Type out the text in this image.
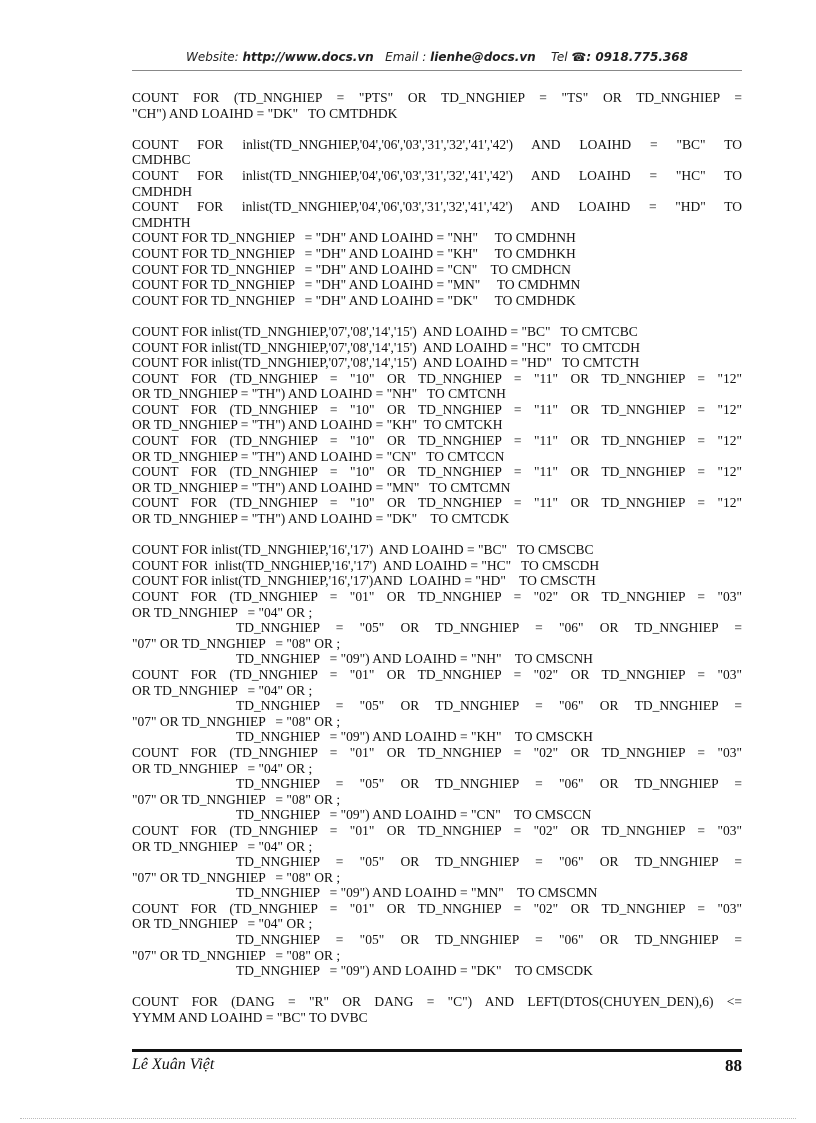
Website: http://www.docs.vn Email : lienhe@docs.vn Tel ☎: 0918.775.368
COUNT FOR (TD_NNGHIEP = "PTS" OR TD_NNGHIEP = "TS" OR TD_NNGHIEP =
"CH") AND LOAIHD = "DK"   TO CMTDHDK
COUNT FOR inlist(TD_NNGHIEP,'04','06','03','31','32','41','42') AND LOAIHD = "BC" TO
CMDHBC
COUNT FOR inlist(TD_NNGHIEP,'04','06','03','31','32','41','42') AND LOAIHD = "HC" TO
CMDHDH
COUNT FOR inlist(TD_NNGHIEP,'04','06','03','31','32','41','42') AND LOAIHD = "HD" TO
CMDHTH
COUNT FOR TD_NNGHIEP   = "DH" AND LOAIHD = "NH"     TO CMDHNH
COUNT FOR TD_NNGHIEP   = "DH" AND LOAIHD = "KH"     TO CMDHKH
COUNT FOR TD_NNGHIEP   = "DH" AND LOAIHD = "CN"    TO CMDHCN
COUNT FOR TD_NNGHIEP   = "DH" AND LOAIHD = "MN"     TO CMDHMN
COUNT FOR TD_NNGHIEP   = "DH" AND LOAIHD = "DK"     TO CMDHDK
COUNT FOR inlist(TD_NNGHIEP,'07','08','14','15')  AND LOAIHD = "BC"   TO CMTCBC
COUNT FOR inlist(TD_NNGHIEP,'07','08','14','15')  AND LOAIHD = "HC"   TO CMTCDH
COUNT FOR inlist(TD_NNGHIEP,'07','08','14','15')  AND LOAIHD = "HD"   TO CMTCTH
COUNT FOR (TD_NNGHIEP = "10" OR TD_NNGHIEP = "11" OR TD_NNGHIEP = "12"
OR TD_NNGHIEP = "TH") AND LOAIHD = "NH"   TO CMTCNH
COUNT FOR (TD_NNGHIEP = "10" OR TD_NNGHIEP = "11" OR TD_NNGHIEP = "12"
OR TD_NNGHIEP = "TH") AND LOAIHD = "KH"  TO CMTCKH
COUNT FOR (TD_NNGHIEP = "10" OR TD_NNGHIEP = "11" OR TD_NNGHIEP = "12"
OR TD_NNGHIEP = "TH") AND LOAIHD = "CN"   TO CMTCCN
COUNT FOR (TD_NNGHIEP = "10" OR TD_NNGHIEP = "11" OR TD_NNGHIEP = "12"
OR TD_NNGHIEP = "TH") AND LOAIHD = "MN"   TO CMTCMN
COUNT FOR (TD_NNGHIEP = "10" OR TD_NNGHIEP = "11" OR TD_NNGHIEP = "12"
OR TD_NNGHIEP = "TH") AND LOAIHD = "DK"    TO CMTCDK
COUNT FOR inlist(TD_NNGHIEP,'16','17')  AND LOAIHD = "BC"   TO CMSCBC
COUNT FOR  inlist(TD_NNGHIEP,'16','17')  AND LOAIHD = "HC"   TO CMSCDH
COUNT FOR inlist(TD_NNGHIEP,'16','17')AND  LOAIHD = "HD"    TO CMSCTH
COUNT FOR (TD_NNGHIEP = "01" OR TD_NNGHIEP = "02" OR TD_NNGHIEP = "03"
OR TD_NNGHIEP   = "04" OR ;
TD_NNGHIEP = "05" OR TD_NNGHIEP = "06" OR TD_NNGHIEP =
"07" OR TD_NNGHIEP   = "08" OR ;
TD_NNGHIEP   = "09") AND LOAIHD = "NH"    TO CMSCNH
COUNT FOR (TD_NNGHIEP = "01" OR TD_NNGHIEP = "02" OR TD_NNGHIEP = "03"
OR TD_NNGHIEP   = "04" OR ;
TD_NNGHIEP = "05" OR TD_NNGHIEP = "06" OR TD_NNGHIEP =
"07" OR TD_NNGHIEP   = "08" OR ;
TD_NNGHIEP   = "09") AND LOAIHD = "KH"    TO CMSCKH
COUNT FOR (TD_NNGHIEP = "01" OR TD_NNGHIEP = "02" OR TD_NNGHIEP = "03"
OR TD_NNGHIEP   = "04" OR ;
TD_NNGHIEP = "05" OR TD_NNGHIEP = "06" OR TD_NNGHIEP =
"07" OR TD_NNGHIEP   = "08" OR ;
TD_NNGHIEP   = "09") AND LOAIHD = "CN"    TO CMSCCN
COUNT FOR (TD_NNGHIEP = "01" OR TD_NNGHIEP = "02" OR TD_NNGHIEP = "03"
OR TD_NNGHIEP   = "04" OR ;
TD_NNGHIEP = "05" OR TD_NNGHIEP = "06" OR TD_NNGHIEP =
"07" OR TD_NNGHIEP   = "08" OR ;
TD_NNGHIEP   = "09") AND LOAIHD = "MN"    TO CMSCMN
COUNT FOR (TD_NNGHIEP = "01" OR TD_NNGHIEP = "02" OR TD_NNGHIEP = "03"
OR TD_NNGHIEP   = "04" OR ;
TD_NNGHIEP = "05" OR TD_NNGHIEP = "06" OR TD_NNGHIEP =
"07" OR TD_NNGHIEP   = "08" OR ;
TD_NNGHIEP   = "09") AND LOAIHD = "DK"    TO CMSCDK
COUNT FOR (DANG = "R" OR DANG = "C") AND LEFT(DTOS(CHUYEN_DEN),6) <=
YYMM AND LOAIHD = "BC" TO DVBC
Lê Xuân Việt	88
